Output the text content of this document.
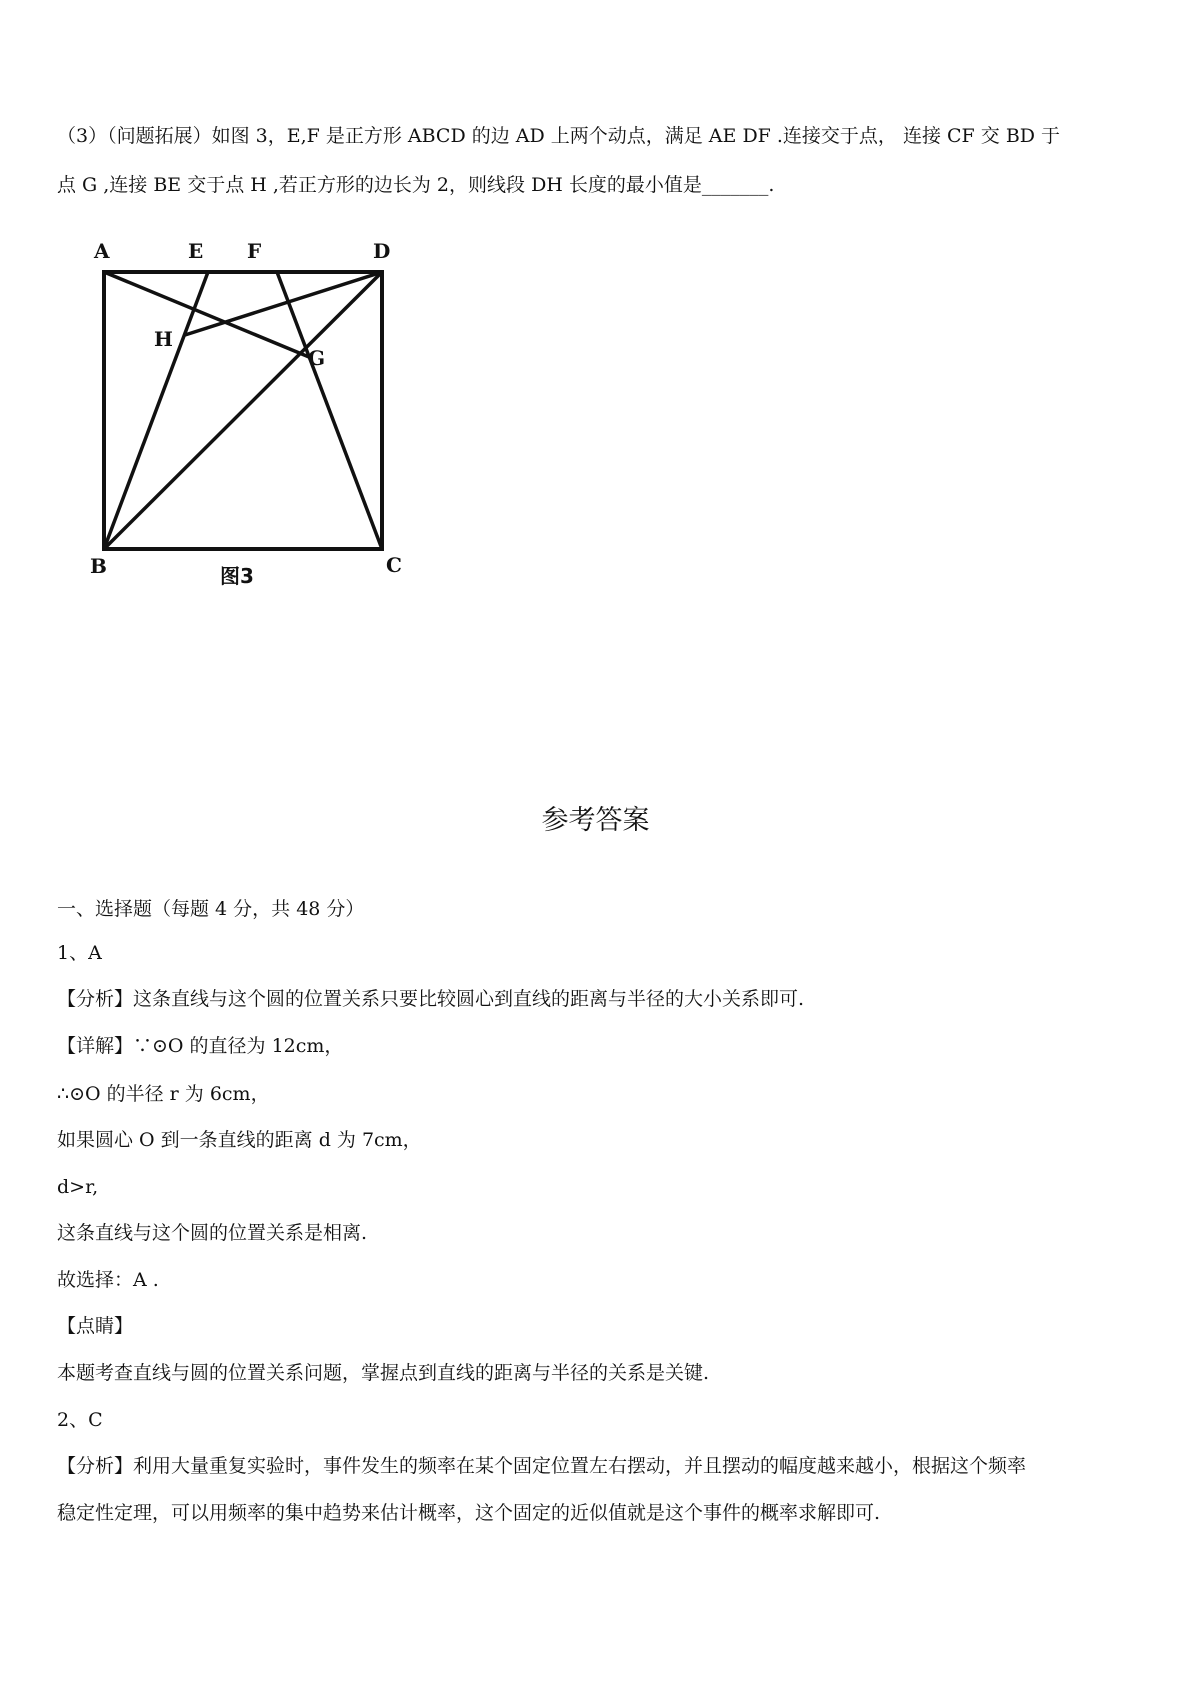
（3）（问题拓展）如图 3，E,F 是正方形 ABCD 的边 AD 上两个动点，满足 AE DF .连接交于点， 连接 CF 交 BD 于
点 G ,连接 BE 交于点 H ,若正方形的边长为 2，则线段 DH 长度的最小值是_______.
A	E F	D
H
G
B	C
图3
参考答案
一、选择题（每题 4 分，共 48 分）
1、A
【分析】这条直线与这个圆的位置关系只要比较圆心到直线的距离与半径的大小关系即可.
【详解】∵⊙O 的直径为 12cm，
∴⊙O 的半径 r 为 6cm，
如果圆心 O 到一条直线的距离 d 为 7cm，
d>r,
这条直线与这个圆的位置关系是相离.
故选择：A .
【点睛】
本题考查直线与圆的位置关系问题，掌握点到直线的距离与半径的关系是关键.
2、C
【分析】利用大量重复实验时，事件发生的频率在某个固定位置左右摆动，并且摆动的幅度越来越小，根据这个频率
稳定性定理，可以用频率的集中趋势来估计概率，这个固定的近似值就是这个事件的概率求解即可.
